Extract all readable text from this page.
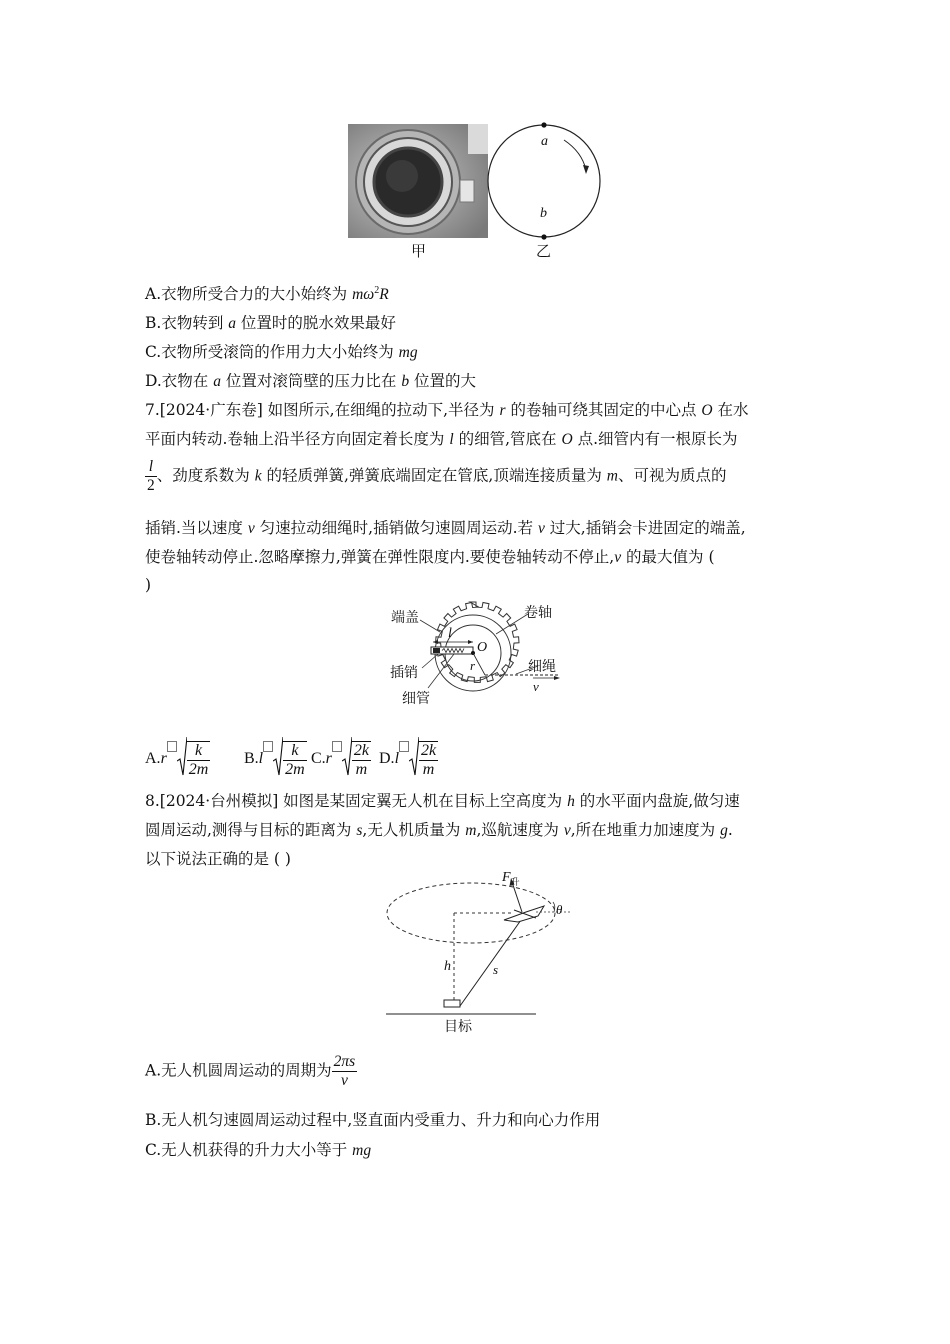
a
b
甲	乙
A.衣物所受合力的大小始终为 $m\omega^2R$
B.衣物转到 a 位置时的脱水效果最好
C.衣物所受滚筒的作用力大小始终为 mg
D.衣物在 a 位置对滚筒壁的压力比在 b 位置的大
7.[2024·广东卷] 如图所示,在细绳的拉动下,半径为 r 的卷轴可绕其固定的中心点 O 在水
平面内转动.卷轴上沿半径方向固定着长度为 l 的细管,管底在 O 点.细管内有一根原长为
$\frac{l}{2}$ 、劲度系数为 k 的轻质弹簧,弹簧底端固定在管底,顶端连接质量为 m、可视为质点的
插销.当以速度 v 匀速拉动细绳时,插销做匀速圆周运动.若 v 过大,插销会卡进固定的端盖,
使卷轴转动停止.忽略摩擦力,弹簧在弹性限度内.要使卷轴转动不停止,v 的最大值为 (
)
端盖	卷轴
插销
细管
细绳
l
O
r
v
$A.r \frac{k}{2m} B.l \frac{k}{2m} C.r \frac{2k}{m} D.l \frac{2k}{m}$
8.[2024·台州模拟] 如图是某固定翼无人机在目标上空高度为 h 的水平面内盘旋,做匀速
圆周运动,测得与目标的距离为 s,无人机质量为 m,巡航速度为 v,所在地重力加速度为 g.
以下说法正确的是 ( )
$F_升$
θ
h	s
目标
A.无人机圆周运动的周期为 $\frac{2\pi s}{v}$
B.无人机匀速圆周运动过程中,竖直面内受重力、升力和向心力作用
C.无人机获得的升力大小等于 mg
